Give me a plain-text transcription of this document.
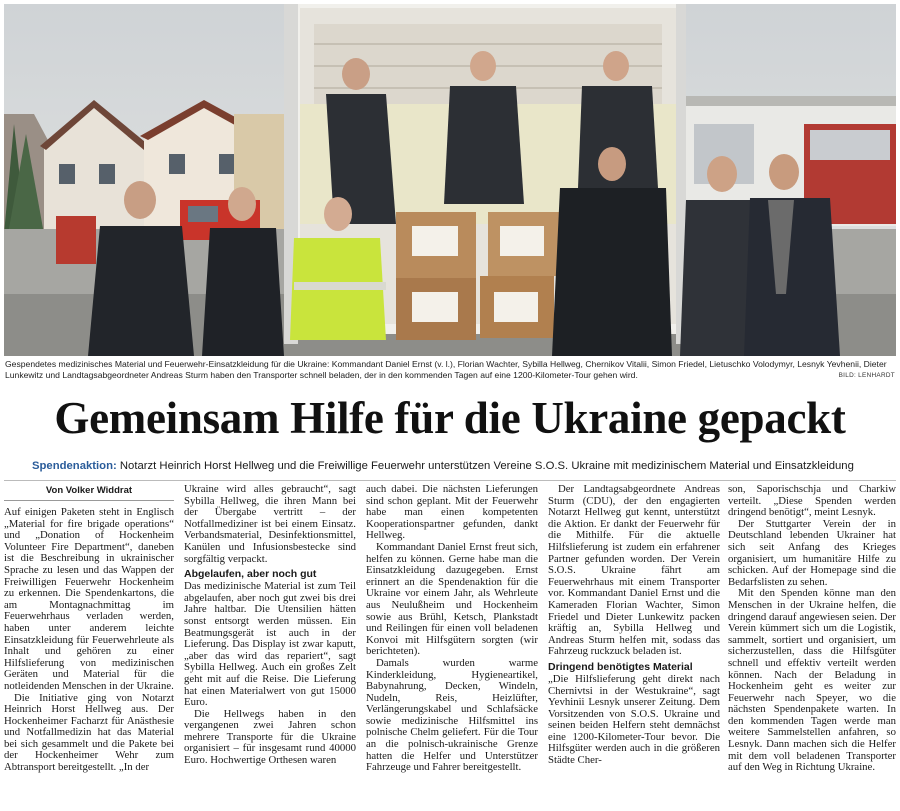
Gespendetes medizinisches Material und Feuerwehr-Einsatzkleidung für die Ukraine: Kommandant Daniel Ernst (v. l.), Florian Wachter, Sybilla Hellweg, Chernikov Vitalii, Simon Friedel, Lietuschko Volodymyr, Lesnyk Yevhenii, Dieter Lunkewitz und Landtagsabgeordneter Andreas Sturm haben den Transporter schnell beladen, der in den kommenden Tagen auf eine 1200-Kilometer-Tour gehen wird.	BILD: LENHARDT
Gemeinsam Hilfe für die Ukraine gepackt
Spendenaktion: Notarzt Heinrich Horst Hellweg und die Freiwillige Feuerwehr unterstützen Vereine S.O.S. Ukraine mit medizinischem Material und Einsatzkleidung
Von Volker Widdrat

Auf einigen Paketen steht in Englisch „Material for fire brigade operations“ und „Donation of Hockenheim Volunteer Fire Department“, daneben ist die Beschreibung in ukrainischer Sprache zu lesen und das Wappen der Freiwilligen Feuerwehr Hockenheim zu erkennen. Die Spendenkartons, die am Montagnachmittag im Feuerwehrhaus verladen werden, haben unter anderem leichte Einsatzkleidung für Feuerwehrleute als Inhalt und gehören zu einer Hilfslieferung von medizinischen Geräten und Material für die notleidenden Menschen in der Ukraine.

Die Initiative ging von Notarzt Heinrich Horst Hellweg aus. Der Hockenheimer Facharzt für Anästhesie und Notfallmedizin hat das Material bei sich gesammelt und die Pakete bei der Hockenheimer Wehr zum Abtransport bereitgestellt. „In der

Ukraine wird alles gebraucht“, sagt Sybilla Hellweg, die ihren Mann bei der Übergabe vertritt – der Notfallmediziner ist bei einem Einsatz. Verbandsmaterial, Desinfektionsmittel, Kanülen und Infusionsbestecke sind sorgfältig verpackt.

Abgelaufen, aber noch gut

Das medizinische Material ist zum Teil abgelaufen, aber noch gut zwei bis drei Jahre haltbar. Die Utensilien hätten sonst entsorgt werden müssen. Ein Beatmungsgerät ist auch in der Lieferung. Das Display ist zwar kaputt, „aber das wird das repariert“, sagt Sybilla Hellweg. Auch ein großes Zelt geht mit auf die Reise. Die Lieferung hat einen Materialwert von gut 15000 Euro.

Die Hellwegs haben in den vergangenen zwei Jahren schon mehrere Transporte für die Ukraine organisiert – für insgesamt rund 40000 Euro. Hochwertige Orthesen waren

auch dabei. Die nächsten Lieferungen sind schon geplant. Mit der Feuerwehr habe man einen kompetenten Kooperationspartner gefunden, dankt Hellweg.

Kommandant Daniel Ernst freut sich, helfen zu können. Gerne habe man die Einsatzkleidung dazugegeben. Ernst erinnert an die Spendenaktion für die Ukraine vor einem Jahr, als Wehrleute aus Neulußheim und Hockenheim sowie aus Brühl, Ketsch, Plankstadt und Reilingen für einen voll beladenen Konvoi mit Hilfsgütern sorgten (wir berichteten).

Damals wurden warme Kinderkleidung, Hygieneartikel, Babynahrung, Decken, Windeln, Nudeln, Reis, Heizlüfter, Verlängerungskabel und Schlafsäcke sowie medizinische Hilfsmittel ins polnische Chelm geliefert. Für die Tour an die polnisch-ukrainische Grenze hatten die Helfer und Unterstützer Fahrzeuge und Fahrer bereitgestellt.

Der Landtagsabgeordnete Andreas Sturm (CDU), der den engagierten Notarzt Hellweg gut kennt, unterstützt die Aktion. Er dankt der Feuerwehr für die Mithilfe. Für die aktuelle Hilfslieferung ist zudem ein erfahrener Partner gefunden worden. Der Verein S.O.S. Ukraine fährt am Feuerwehrhaus mit einem Transporter vor. Kommandant Daniel Ernst und die Kameraden Florian Wachter, Simon Friedel und Dieter Lunkewitz packen kräftig an, Sybilla Hellweg und Andreas Sturm helfen mit, sodass das Fahrzeug ruckzuck beladen ist.

Dringend benötigtes Material

„Die Hilfslieferung geht direkt nach Chernivtsi in der Westukraine“, sagt Yevhinii Lesnyk unserer Zeitung. Dem Vorsitzenden von S.O.S. Ukraine und seinen beiden Helfern steht demnächst eine 1200-Kilometer-Tour bevor. Die Hilfsgüter werden auch in die größeren Städte Cher-

son, Saporischschja und Charkiw verteilt. „Diese Spenden werden dringend benötigt“, meint Lesnyk.

Der Stuttgarter Verein der in Deutschland lebenden Ukrainer hat sich seit Anfang des Krieges organisiert, um humanitäre Hilfe zu schicken. Auf der Homepage sind die Bedarfslisten zu sehen.

Mit den Spenden könne man den Menschen in der Ukraine helfen, die dringend darauf angewiesen seien. Der Verein kümmert sich um die Logistik, sammelt, sortiert und organisiert, um sicherzustellen, dass die Hilfsgüter schnell und effektiv verteilt werden können. Nach der Beladung in Hockenheim geht es weiter zur Feuerwehr nach Speyer, wo die nächsten Spendenpakete warten. In den kommenden Tagen werde man weitere Sammelstellen anfahren, so Lesnyk. Dann machen sich die Helfer mit dem voll beladenen Transporter auf den Weg in Richtung Ukraine.
